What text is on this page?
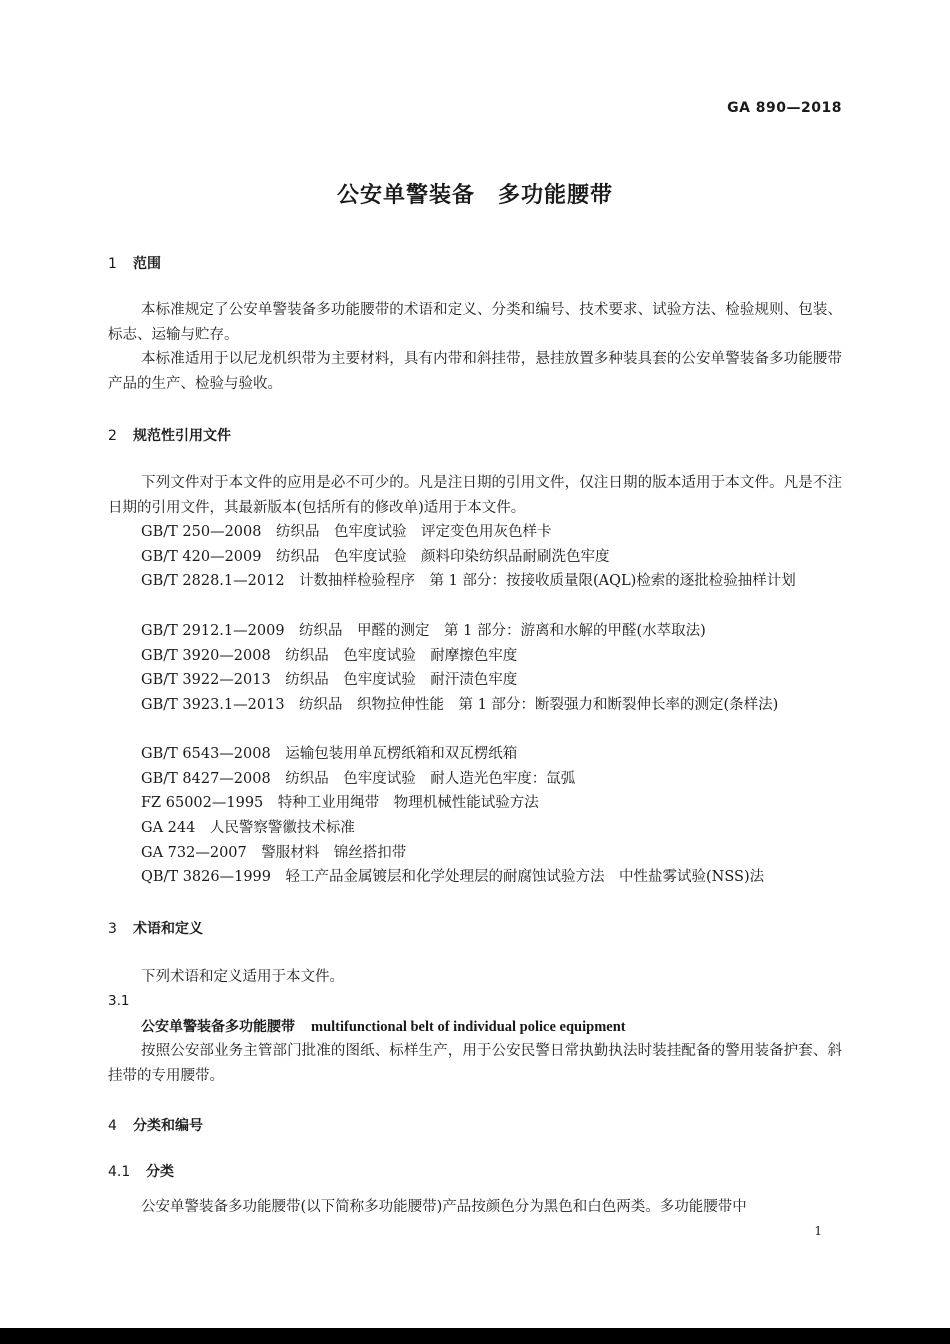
GA 890—2018
公安单警装备　多功能腰带
1 范围

本标准规定了公安单警装备多功能腰带的术语和定义、分类和编号、技术要求、试验方法、检验规则、包装、标志、运输与贮存。

本标准适用于以尼龙机织带为主要材料，具有内带和斜挂带，悬挂放置多种装具套的公安单警装备多功能腰带产品的生产、检验与验收。

2 规范性引用文件

下列文件对于本文件的应用是必不可少的。凡是注日期的引用文件，仅注日期的版本适用于本文件。凡是不注日期的引用文件，其最新版本(包括所有的修改单)适用于本文件。

GB/T 250—2008　纺织品　色牢度试验　评定变色用灰色样卡
GB/T 420—2009　纺织品　色牢度试验　颜料印染纺织品耐刷洗色牢度
GB/T 2828.1—2012　计数抽样检验程序　第 1 部分：按接收质量限(AQL)检索的逐批检验抽样计划
GB/T 2912.1—2009　纺织品　甲醛的测定　第 1 部分：游离和水解的甲醛(水萃取法)
GB/T 3920—2008　纺织品　色牢度试验　耐摩擦色牢度
GB/T 3922—2013　纺织品　色牢度试验　耐汗渍色牢度
GB/T 3923.1—2013　纺织品　织物拉伸性能　第 1 部分：断裂强力和断裂伸长率的测定(条样法)
GB/T 6543—2008　运输包装用单瓦楞纸箱和双瓦楞纸箱
GB/T 8427—2008　纺织品　色牢度试验　耐人造光色牢度：氙弧
FZ 65002—1995　特种工业用绳带　物理机械性能试验方法
GA 244　人民警察警徽技术标准
GA 732—2007　警服材料　锦丝搭扣带
QB/T 3826—1999　轻工产品金属镀层和化学处理层的耐腐蚀试验方法　中性盐雾试验(NSS)法
3 术语和定义

下列术语和定义适用于本文件。

3.1
公安单警装备多功能腰带 multifunctional belt of individual police equipment

按照公安部业务主管部门批准的图纸、标样生产，用于公安民警日常执勤执法时装挂配备的警用装备护套、斜挂带的专用腰带。

4 分类和编号
4.1 分类

公安单警装备多功能腰带(以下简称多功能腰带)产品按颜色分为黑色和白色两类。多功能腰带中

1
